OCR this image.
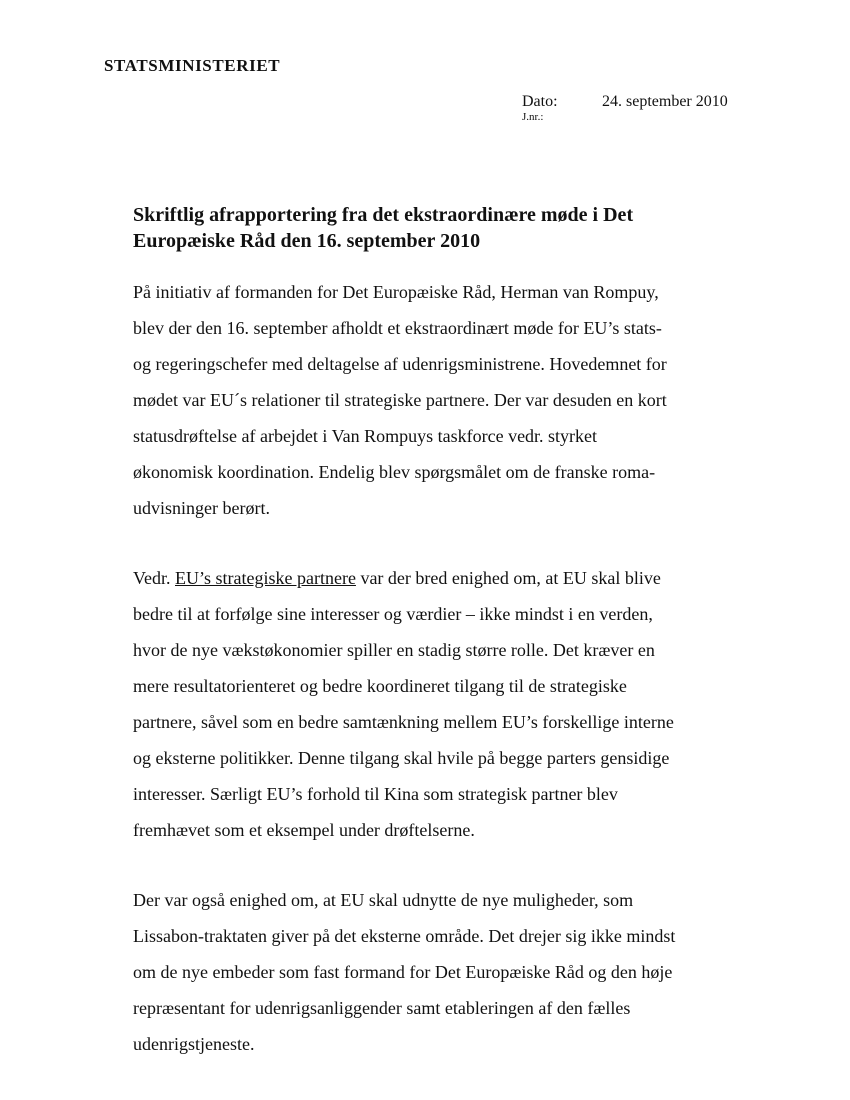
STATSMINISTERIET

Dato:	24. september 2010
J.nr.:
Skriftlig afrapportering fra det ekstraordinære møde i Det
Europæiske Råd den 16. september 2010

På initiativ af formanden for Det Europæiske Råd, Herman van Rompuy,
blev der den 16. september afholdt et ekstraordinært møde for EU’s stats-
og regeringschefer med deltagelse af udenrigsministrene. Hovedemnet for
mødet var EU´s relationer til strategiske partnere. Der var desuden en kort
statusdrøftelse af arbejdet i Van Rompuys taskforce vedr. styrket
økonomisk koordination. Endelig blev spørgsmålet om de franske roma-
udvisninger berørt.

Vedr. EU’s strategiske partnere var der bred enighed om, at EU skal blive
bedre til at forfølge sine interesser og værdier – ikke mindst i en verden,
hvor de nye vækstøkonomier spiller en stadig større rolle. Det kræver en
mere resultatorienteret og bedre koordineret tilgang til de strategiske
partnere, såvel som en bedre samtænkning mellem EU’s forskellige interne
og eksterne politikker. Denne tilgang skal hvile på begge parters gensidige
interesser. Særligt EU’s forhold til Kina som strategisk partner blev
fremhævet som et eksempel under drøftelserne.

Der var også enighed om, at EU skal udnytte de nye muligheder, som
Lissabon-traktaten giver på det eksterne område. Det drejer sig ikke mindst
om de nye embeder som fast formand for Det Europæiske Råd og den høje
repræsentant for udenrigsanliggender samt etableringen af den fælles
udenrigstjeneste.
